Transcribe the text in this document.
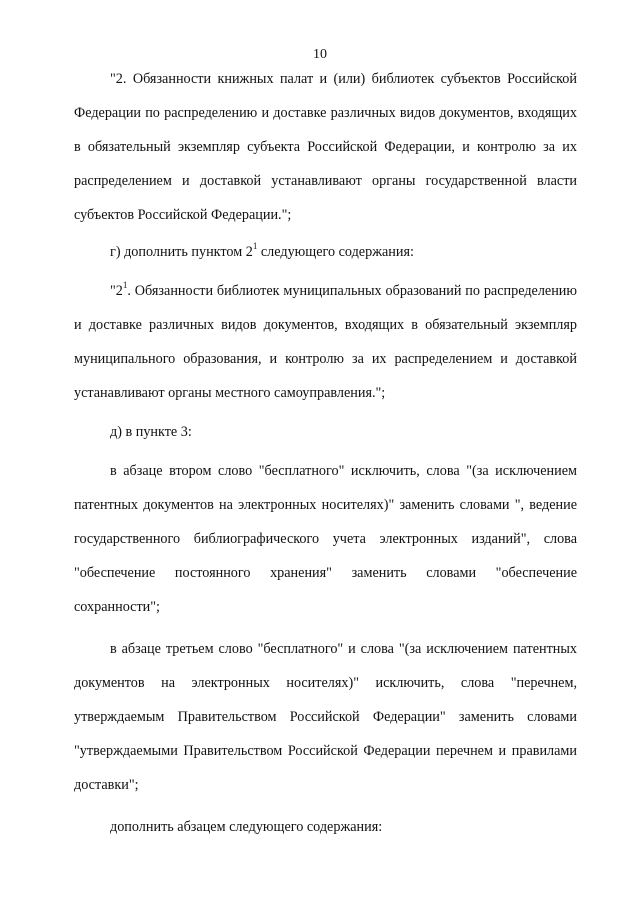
10

"2. Обязанности книжных палат и (или) библиотек субъектов Российской Федерации по распределению и доставке различных видов документов, входящих в обязательный экземпляр субъекта Российской Федерации, и контролю за их распределением и доставкой устанавливают органы государственной власти субъектов Российской Федерации.";

г) дополнить пунктом $2^1$ следующего содержания:

"$2^1$. Обязанности библиотек муниципальных образований по распределению и доставке различных видов документов, входящих в обязательный экземпляр муниципального образования, и контролю за их распределением и доставкой устанавливают органы местного самоуправления.";

д) в пункте 3:

в абзаце втором слово "бесплатного" исключить, слова "(за исключением патентных документов на электронных носителях)" заменить словами ", ведение государственного библиографического учета электронных изданий", слова "обеспечение постоянного хранения" заменить словами "обеспечение сохранности";

в абзаце третьем слово "бесплатного" и слова "(за исключением патентных документов на электронных носителях)" исключить, слова "перечнем, утверждаемым Правительством Российской Федерации" заменить словами "утверждаемыми Правительством Российской Федерации перечнем и правилами доставки";

дополнить абзацем следующего содержания:
